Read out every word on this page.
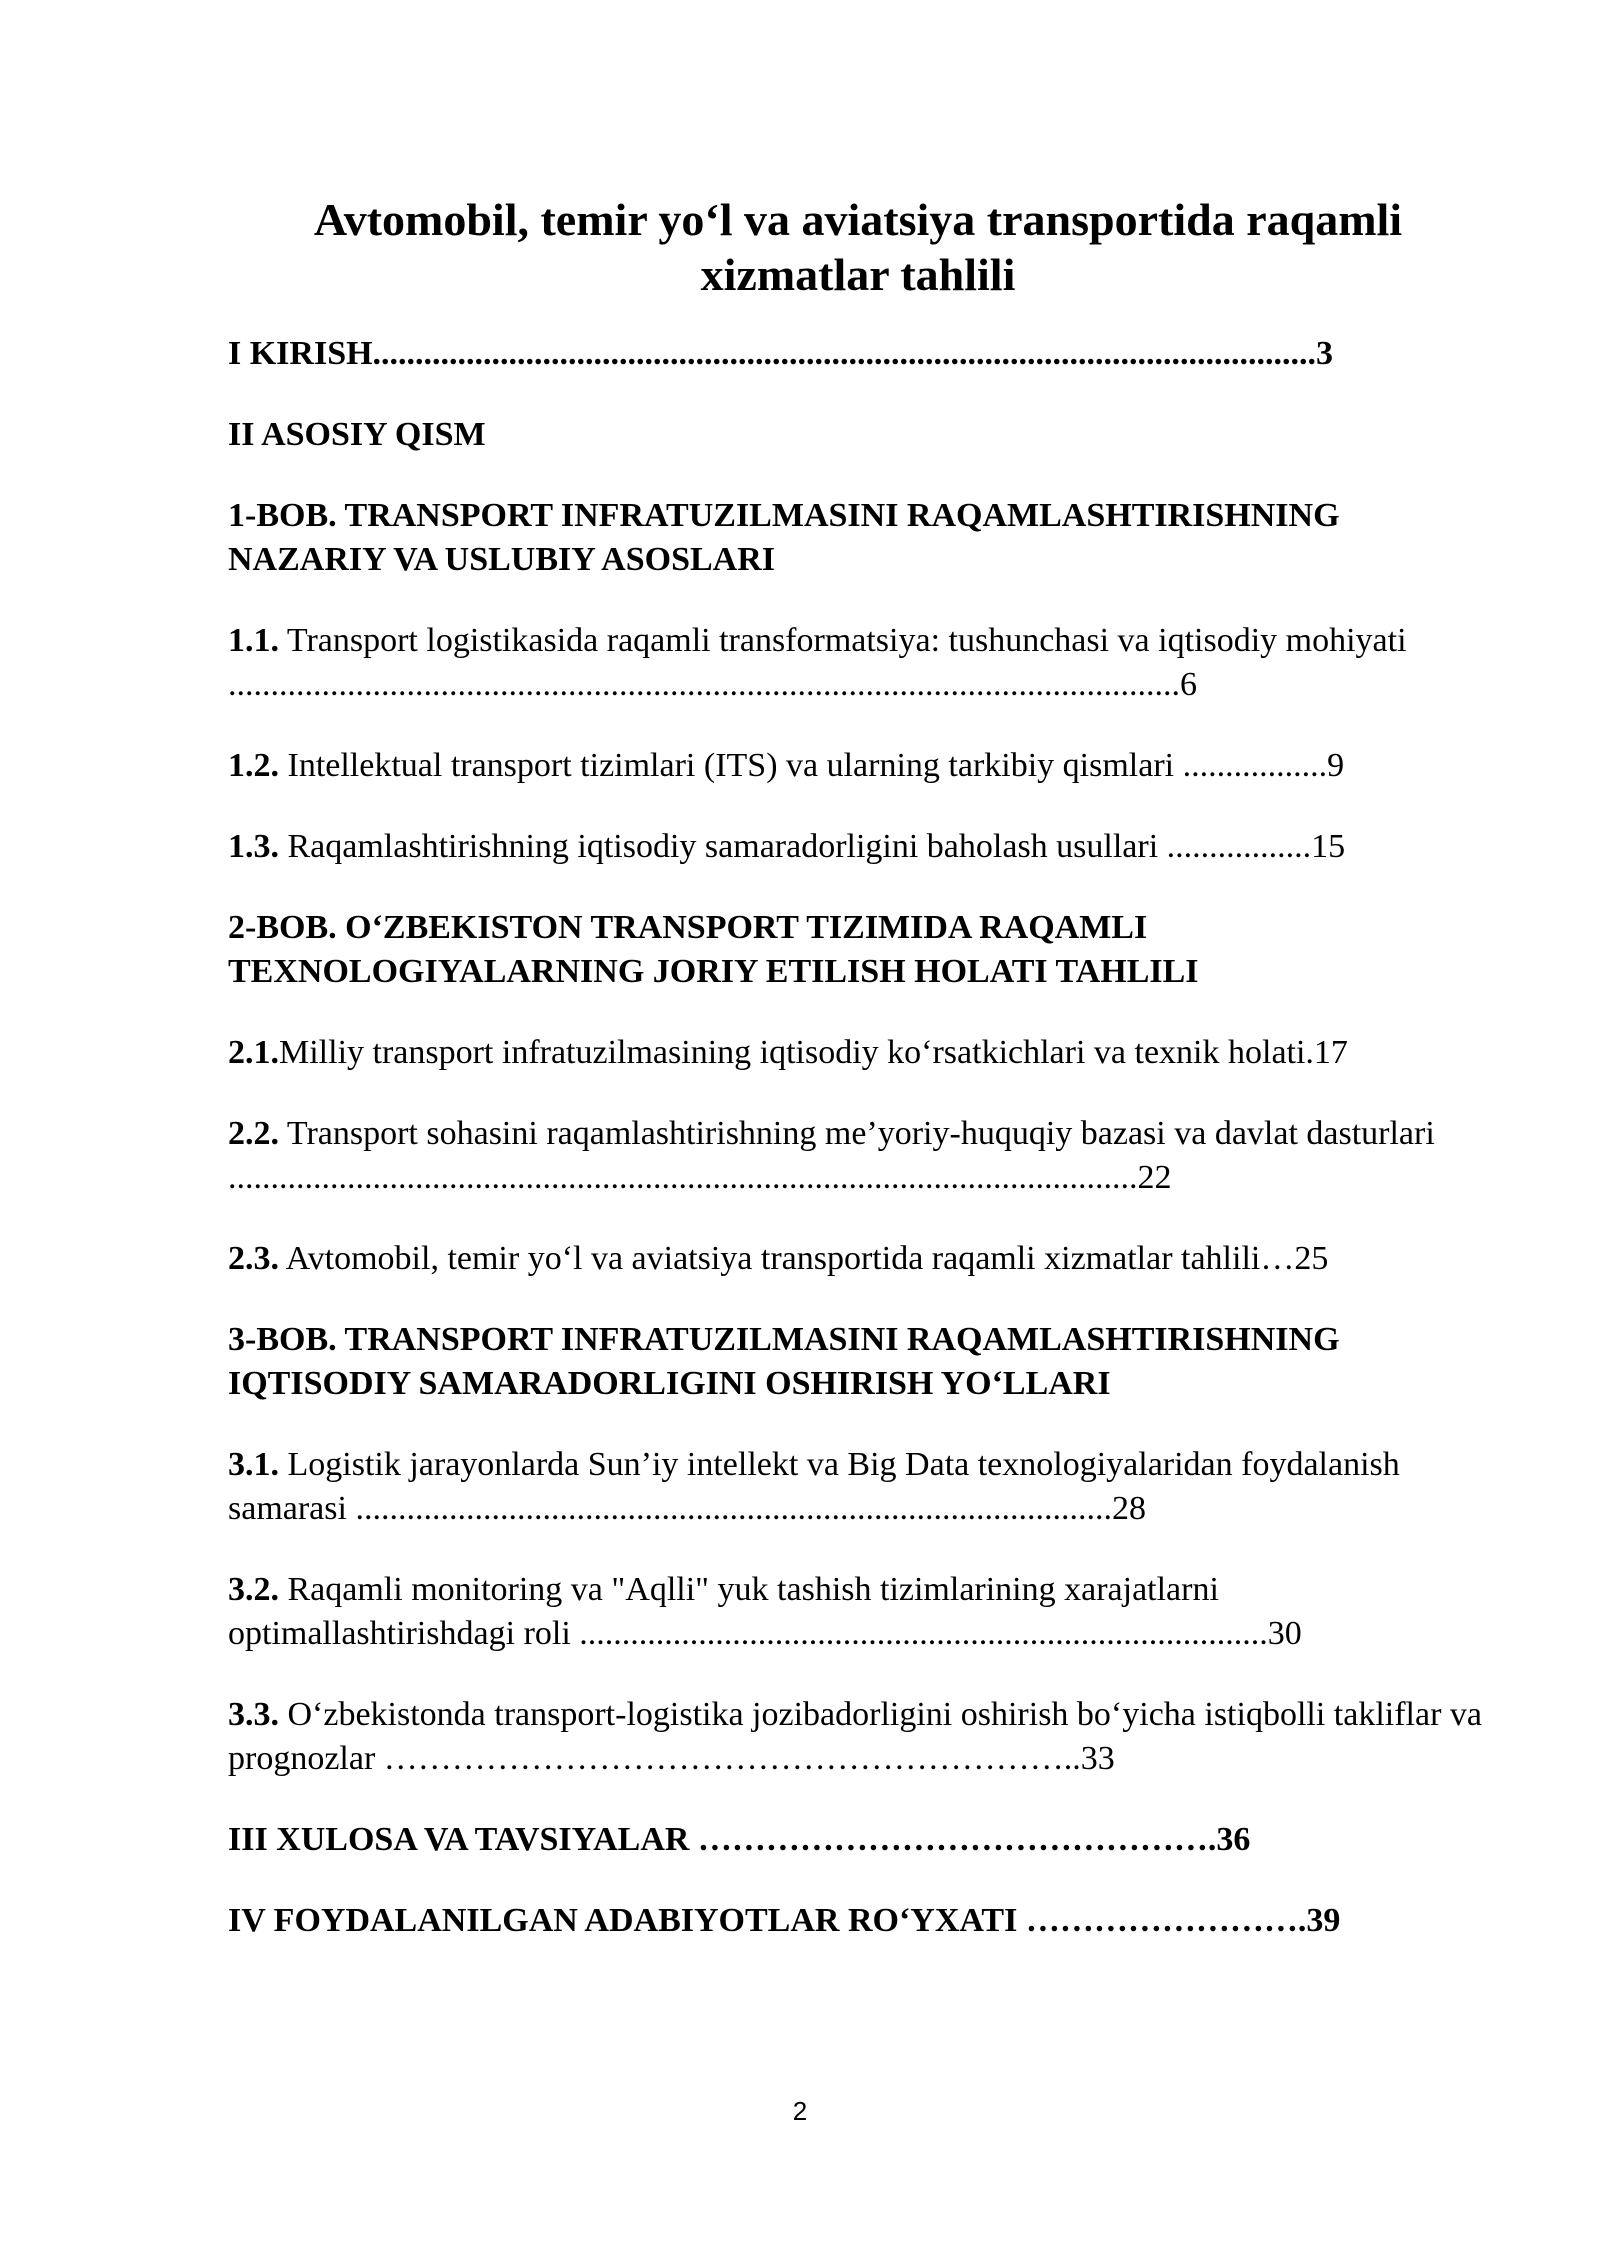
Avtomobil, temir yo‘l va aviatsiya transportida raqamli xizmatlar tahlili
I KIRISH...............................................................................................................3
II ASOSIY QISM
1-BOB. TRANSPORT INFRATUZILMASINI RAQAMLASHTIRISHNING NAZARIY VA USLUBIY ASOSLARI
1.1. Transport logistikasida raqamli transformatsiya: tushunchasi va iqtisodiy mohiyati ................................................................................................................6
1.2. Intellektual transport tizimlari (ITS) va ularning tarkibiy qismlari .................9
1.3. Raqamlashtirishning iqtisodiy samaradorligini baholash usullari .................15
2-BOB. O‘ZBEKISTON TRANSPORT TIZIMIDA RAQAMLI TEXNOLOGIYALARNING JORIY ETILISH HOLATI TAHLILI
2.1.Milliy transport infratuzilmasining iqtisodiy ko‘rsatkichlari va texnik holati.17
2.2. Transport sohasini raqamlashtirishning me’yoriy-huquqiy bazasi va davlat dasturlari ...........................................................................................................22
2.3. Avtomobil, temir yo‘l va aviatsiya transportida raqamli xizmatlar tahlili…25
3-BOB. TRANSPORT INFRATUZILMASINI RAQAMLASHTIRISHNING IQTISODIY SAMARADORLIGINI OSHIRISH YO‘LLARI
3.1. Logistik jarayonlarda Sun’iy intellekt va Big Data texnologiyalaridan foydalanish samarasi .........................................................................................28
3.2. Raqamli monitoring va "Aqlli" yuk tashish tizimlarining xarajatlarni optimallashtirishdagi roli .................................................................................30
3.3. O‘zbekistonda transport-logistika jozibadorligini oshirish bo‘yicha istiqbolli takliflar va prognozlar ……………………………………………………..33
III XULOSA VA TAVSIYALAR ……………………………………….36
IV FOYDALANILGAN ADABIYOTLAR RO‘YXATI …………………….39
2
